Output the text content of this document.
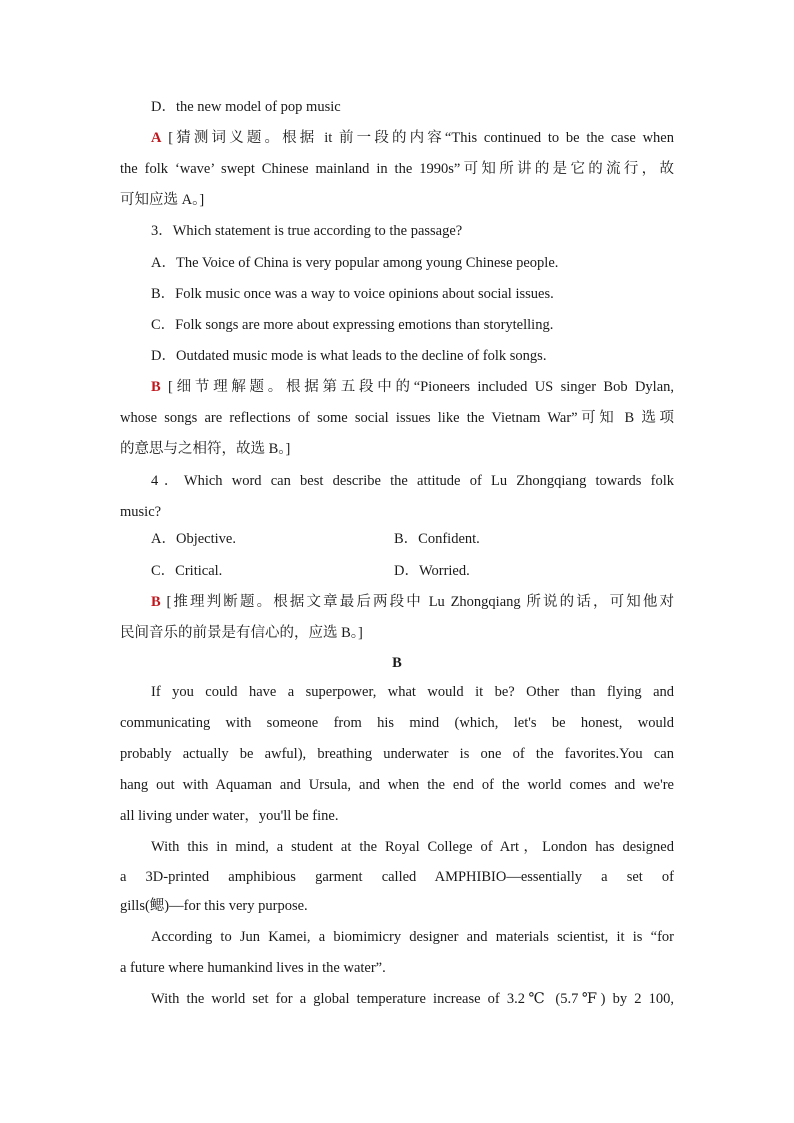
D．the new model of pop music
A [猜测词义题。根据 it 前一段的内容“This continued to be the case when
the folk ‘wave’ swept Chinese mainland in the 1990s”可知所讲的是它的流行，故
可知应选 A。]
3．Which statement is true according to the passage?
A．The Voice of China is very popular among young Chinese people.
B．Folk music once was a way to voice opinions about social issues.
C．Folk songs are more about expressing emotions than storytelling.
D．Outdated music mode is what leads to the decline of folk songs.
B [细节理解题。根据第五段中的“Pioneers included US singer Bob Dylan,
whose songs are reflections of some social issues like the Vietnam War”可知 B 选项
的意思与之相符，故选 B。]
4．Which word can best describe the attitude of Lu Zhongqiang towards folk
music?
A．Objective.	B．Confident.
C．Critical.	D．Worried.
B [推理判断题。根据文章最后两段中 Lu Zhongqiang 所说的话，可知他对
民间音乐的前景是有信心的，应选 B。]
B
If you could have a superpower, what would it be? Other than flying and
communicating with someone from his mind (which, let's be honest, would
probably actually be awful), breathing underwater is one of the favorites.You can
hang out with Aquaman and Ursula, and when the end of the world comes and we're
all living under water，you'll be fine.
With this in mind, a student at the Royal College of Art，London has designed
a 3D-printed amphibious garment called AMPHIBIO—essentially a set of
gills(鳃)—for this very purpose.
According to Jun Kamei, a biomimicry designer and materials scientist, it is “for
a future where humankind lives in the water”.
With the world set for a global temperature increase of 3.2℃ (5.7℉) by 2 100,
